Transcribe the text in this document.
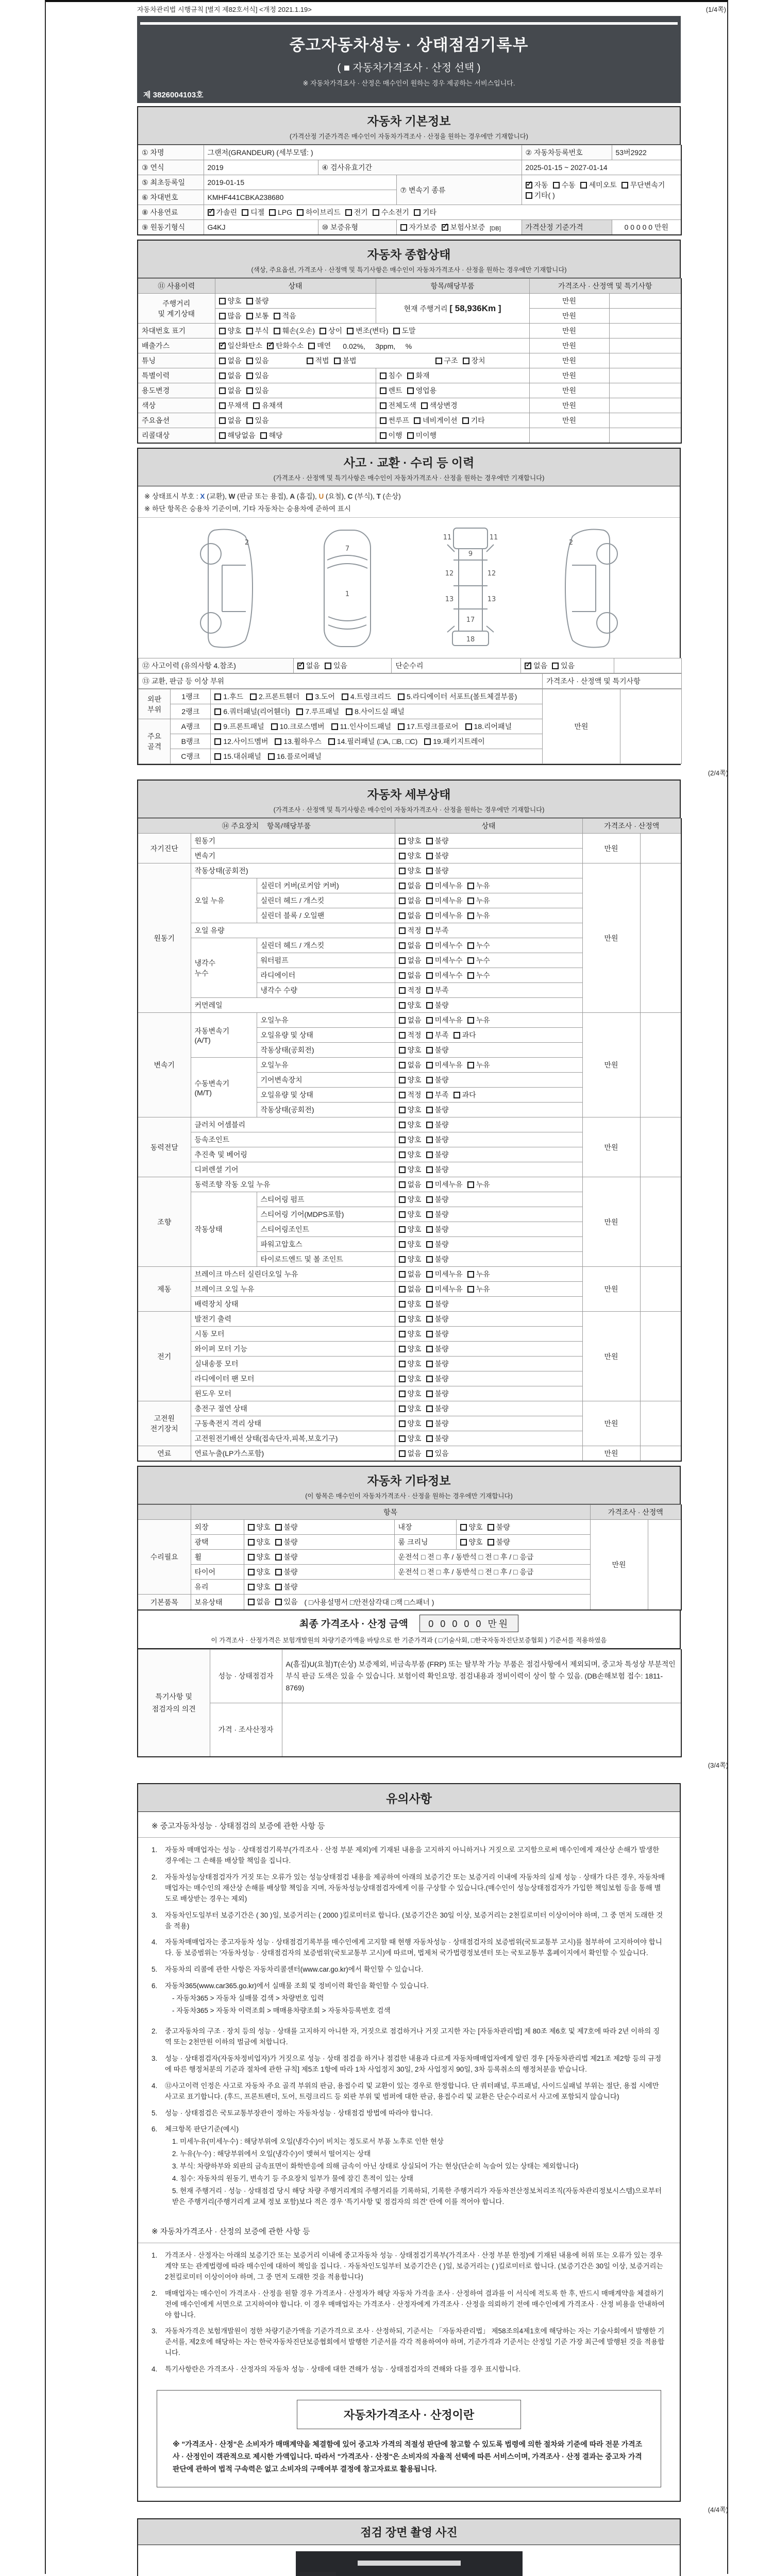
자동차관리법 시행규칙 [별지 제82호서식] <개정 2021.1.19>	(1/4쪽)
중고자동차성능 · 상태점검기록부
( ■ 자동차가격조사 · 산정 선택 )
※ 자동차가격조사 · 산정은 매수인이 원하는 경우 제공하는 서비스입니다.
제 3826004103호
자동차 기본정보
(가격산정 기준가격은 매수인이 자동차가격조사 · 산정을 원하는 경우에만 기재합니다)
① 차명	그랜저(GRANDEUR) (세부모델: )			② 자동차등록번호	53버2922
③ 연식	2019	④ 검사유효기간		2025-01-15 ~ 2027-01-14	
⑤ 최초등록일	2019-01-15		⑦ 변속기 종류	✓자동 수동 세미오토 무단변속기기타( )
⑥ 차대번호	KMHF441CBKA238680				
⑧ 사용연료	✓가솔린 디젤 LPG 하이브리드 전기 수소전기 기타
⑨ 원동기형식	G4KJ	⑩ 보증유형	자가보증 ✓ 보험사보증 [DB]	가격산정 기준가격	0 0 0 0 0 만원
자동차 종합상태
(색상, 주요옵션, 가격조사 · 산정액 및 특기사항은 매수인이 자동차가격조사 · 산정을 원하는 경우에만 기재합니다)
⑪ 사용이력	상태	항목/해당부품	가격조사 · 산정액 및 특기사항	
주행거리
및 계기상태	양호 불량	현재 주행거리 [ 58,936Km ]	만원	
	많음 보통 적음		만원	
차대번호 표기	양호 부식 훼손(오손) 상이 변조(변타) 도말		만원	
배출가스	✓일산화탄소 ✓ 탄화수소 매연 0.02%,     3ppm,     %		만원	
튜닝	없음 있음 적법 불법 구조 장치		만원	
특별이력	없음 있음	침수 화재	만원	
용도변경	없음 있음	렌트 영업용	만원	
색상	무채색 유채색	전체도색 색상변경	만원	
주요옵션	없음 있음	썬루프 네비게이션 기타	만원	
리콜대상	해당없음 해당	이행 미이행		
사고 · 교환 · 수리 등 이력
(가격조사 · 산정액 및 특기사항은 매수인이 자동차가격조사 · 산정을 원하는 경우에만 기재합니다)
※ 상태표시 부호 : X (교환), W (판금 또는 용접), A (흠집), U (요철), C (부식), T (손상)
※ 하단 항목은 승용차 기준이며, 기타 자동차는 승용차에 준하여 표시
2
1
7
11	11
9
12	12
13	13
17
18
2
⑫ 사고이력 (유의사항 4.참조)	✓없음 있음	단순수리	✓없음 있음	
⑬ 교환, 판금 등 이상 부위	가격조사 · 산정액 및 특기사항
외판
부위	1랭크	1.후드 2.프론트휀더 3.도어 4.트렁크리드 5.라디에이터 서포트(볼트체결부품)	만원	
	2랭크	6.쿼터패널(리어휀더) 7.루프패널 8.사이드실 패널		
주요
골격	A랭크	9.프론트패널 10.크로스멤버 11.인사이드패널 17.트렁크플로어 18.리어패널		
	B랭크	12.사이드멤버 13.휠하우스 14.필러패널 (□A, □B, □C) 19.패키지트레이		
	C랭크	15.대쉬패널 16.플로어패널		
(2/4쪽)
자동차 세부상태
(가격조사 · 산정액 및 특기사항은 매수인이 자동차가격조사 · 산정을 원하는 경우에만 기재합니다)
⑭ 주요장치    항목/해당부품			상태	가격조사 · 산정액	
자기진단	원동기		양호 불량	만원	
	변속기		양호 불량		
원동기	작동상태(공회전)		양호 불량	만원	
	오일 누유	실린더 커버(로커암 커버)	없음 미세누유 누유		
		실린더 헤드 / 개스킷	없음 미세누유 누유		
		실린더 블록 / 오일팬	없음 미세누유 누유		
	오일 유량		적정 부족		
	냉각수
누수	실린더 헤드 / 개스킷	없음 미세누수 누수		
		워터펌프	없음 미세누수 누수		
		라디에이터	없음 미세누수 누수		
		냉각수 수량	적정 부족		
	커먼레일		양호 불량		
변속기	자동변속기
(A/T)	오일누유	없음 미세누유 누유	만원	
		오일유량 및 상태	적정 부족 과다		
		작동상태(공회전)	양호 불량		
	수동변속기
(M/T)	오일누유	없음 미세누유 누유		
		기어변속장치	양호 불량		
		오일유량 및 상태	적정 부족 과다		
		작동상태(공회전)	양호 불량		
동력전달	클러치 어셈블리		양호 불량	만원	
	등속조인트		양호 불량		
	추진축 및 베어링		양호 불량		
	디퍼렌셜 기어		양호 불량		
조향	동력조향 작동 오일 누유		없음 미세누유 누유	만원	
	작동상태	스티어링 펌프	양호 불량		
		스티어링 기어(MDPS포함)	양호 불량		
		스티어링조인트	양호 불량		
		파워고압호스	양호 불량		
		타이로드엔드 및 볼 조인트	양호 불량		
제동	브레이크 마스터 실린더오일 누유		없음 미세누유 누유	만원	
	브레이크 오일 누유		없음 미세누유 누유		
	배력장치 상태		양호 불량		
전기	발전기 출력		양호 불량	만원	
	시동 모터		양호 불량		
	와이퍼 모터 기능		양호 불량		
	실내송풍 모터		양호 불량		
	라디에이터 팬 모터		양호 불량		
	윈도우 모터		양호 불량		
고전원
전기장치	충전구 절연 상태		양호 불량	만원	
	구동축전지 격리 상태		양호 불량		
	고전원전기배선 상태(접속단자,피복,보호기구)		양호 불량		
연료	연료누출(LP가스포함)		없음 있음	만원	
자동차 기타정보
(이 항목은 매수인이 자동차가격조사 · 산정을 원하는 경우에만 기재합니다)
	항목				가격조사 · 산정액	
수리필요	외장	양호 불량	내장	양호 불량	만원	
	광택	양호 불량	룸 크리닝	양호 불량		
	휠	양호 불량	운전석 □ 전 □ 후 / 동반석 □ 전 □ 후 / □ 응급			
	타이어	양호 불량	운전석 □ 전 □ 후 / 동반석 □ 전 □ 후 / □ 응급			
	유리	양호 불량				
기본품목	보유상태	없음 있음 ( □사용설명서 □안전삼각대 □잭 □스패너 )				
최종 가격조사 · 산정 금액 0 0 0 0 0 만원
이 가격조사 · 산정가격은 보험개발원의 차량기준가액을 바탕으로 한 기준가격과 ( □기술사회, □한국자동차진단보증협회 ) 기준서를 적용하였음
특기사항 및
점검자의 의견	성능 · 상태점검자	A(흠집)U(요철)T(손상) 보증제외, 비금속부품 (FRP) 또는 탈부착 가능 부품은 점검사항에서 제외되며, 중고차 특성상 부분적인 부식 판금 도색은 있을 수 있습니다. 보험이력 확인요망. 점검내용과 정비이력이 상이 할 수 있음. (DB손해보험 접수: 1811-8769)
	가격 · 조사산정자	
(3/4쪽)
유의사항
※ 중고자동차성능 · 상태점검의 보증에 관한 사항 등
1.	자동차 매매업자는 성능 · 상태점검기록부(가격조사 · 산정 부분 제외)에 기재된 내용을 고지하지 아니하거나 거짓으로 고지함으로써 매수인에게 재산상 손해가 발생한 경우에는 그 손해를 배상할 책임을 집니다.
2.	자동차성능상태점검자가 거짓 또는 오류가 있는 성능상태점검 내용을 제공하여 아래의 보증기간 또는 보증거리 이내에 자동차의 실제 성능 · 상태가 다른 경우, 자동차매매업자는 매수인의 재산상 손해를 배상할 책임을 지며, 자동차성능상태점검자에게 이를 구상할 수 있습니다.(매수인이 성능상태점검자가 가입한 책임보험 등을 통해 별도로 배상받는 경우는 제외)
3.	자동차인도일부터 보증기간은 ( 30 )일, 보증거리는 ( 2000 )킬로미터로 합니다. (보증기간은 30일 이상, 보증거리는 2천킬로미터 이상이어야 하며, 그 중 먼저 도래한 것을 적용)
4.	자동차매매업자는 중고자동차 성능 · 상태점검기록부를 매수인에게 고지할 때 현행 자동차성능 · 상태점검자의 보증범위(국토교통부 고시)를 첨부하여 고지하여야 합니다. 동 보증범위는 '자동차성능 · 상태점검자의 보증범위'(국토교통부 고시)에 따르며, 법제처 국가법령정보센터 또는 국토교통부 홈페이지에서 확인할 수 있습니다.
5.	자동차의 리콜에 관한 사항은 자동차리콜센터(www.car.go.kr)에서 확인할 수 있습니다.
6.	자동차365(www.car365.go.kr)에서 실매물 조회 및 정비이력 확인을 확인할 수 있습니다.
- 자동차365 > 자동차 실매물 검색 > 차량번호 입력
- 자동차365 > 자동차 이력조회 > 매매용차량조회 > 자동차등록번호 검색
2.	중고자동차의 구조 · 장치 등의 성능 · 상태를 고지하지 아니한 자, 거짓으로 점검하거나 거짓 고지한 자는 [자동차관리법] 제 80조 제6호 및 제7호에 따라 2년 이하의 징역 또는 2천만원 이하의 벌금에 처합니다.
3.	성능 · 상태점검자(자동차정비업자)가 거짓으로 성능 · 상태 점검을 하거나 점검한 내용과 다르게 자동차매매업자에게 알린 경우 [자동차관리법 제21조 제2항 등의 규정에 따른 행정처분의 기준과 절차에 관한 규칙] 제5조 1항에 따라 1차 사업정지 30일, 2차 사업정지 90일, 3차 등록취소의 행정처분을 받습니다.
4.	⑫사고이력 인정은 사고로 자동차 주요 골격 부위의 판금, 용접수리 및 교환이 있는 경우로 한정합니다. 단 쿼터패널, 루프패널, 사이드실패널 부위는 절단, 용접 시에만 사고로 표기합니다. (후드, 프론트펜더, 도어, 트렁크리드 등 외판 부위 및 범퍼에 대한 판금, 용접수리 및 교환은 단순수리로서 사고에 포함되지 않습니다)
5.	성능 · 상태점검은 국토교통부장관이 정하는 자동차성능 · 상태점검 방법에 따라야 합니다.
6.	체크항목 판단기준(예시)
1. 미세누유(미세누수) : 해당부위에 오일(냉각수)이 비치는 정도로서 부품 노후로 인한 현상
2. 누유(누수) : 해당부위에서 오일(냉각수)이 맺혀서 떨어지는 상태
3. 부식: 차량하부와 외판의 금속표면이 화학반응에 의해 금속이 아닌 상태로 상실되어 가는 현상(단순히 녹슬어 있는 상태는 제외합니다)
4. 침수: 자동차의 원동기, 변속기 등 주요장치 일부가 물에 잠긴 흔적이 있는 상태
5. 현재 주행거리 · 성능 · 상태점검 당시 해당 차량 주행거리계의 주행거리를 기록하되, 기록한 주행거리가 자동차전산정보처리조직(자동차관리정보시스템)으로부터 받은 주행거리(주행거리계 교체 정보 포함)보다 적은 경우 '특기사항 및 점검자의 의견' 란에 이를 적어야 합니다.
※ 자동차가격조사 · 산정의 보증에 관한 사항 등
1.	가격조사 · 산정자는 아래의 보증기간 또는 보증거리 이내에 중고자동차 성능 · 상태점검기록부(가격조사 · 산정 부분 한정)에 기재된 내용에 허위 또는 오류가 있는 경우 계약 또는 관계법령에 따라 매수인에 대하여 책임을 집니다. · 자동차인도일부터 보증기간은 ( )일, 보증거리는 ( )킬로미터로 합니다. (보증기간은 30일 이상, 보증거리는 2천킬로미터 이상이어야 하며, 그 중 먼저 도래한 것을 적용합니다)
2.	매매업자는 매수인이 가격조사 · 산정을 원할 경우 가격조사 · 산정자가 해당 자동차 가격을 조사 · 산정하여 결과를 이 서식에 적도록 한 후, 반드시 매매계약을 체결하기 전에 매수인에게 서면으로 고지하여야 합니다. 이 경우 매매업자는 가격조사 · 산정자에게 가격조사 · 산정을 의뢰하기 전에 매수인에게 가격조사 · 산정 비용을 안내하여야 합니다.
3.	자동차가격은 보험개발원이 정한 차량기준가액을 기준가격으로 조사 · 산정하되, 기준서는 「자동차관리법」 제58조의4제1호에 해당하는 자는 기술사회에서 발행한 기준서를, 제2호에 해당하는 자는 한국자동차진단보증협회에서 발행한 기준서를 각각 적용하여야 하며, 기준가격과 기준서는 산정일 기준 가장 최근에 발행된 것을 적용합니다.
4.	특기사항란은 가격조사 · 산정자의 자동차 성능 · 상태에 대한 견해가 성능 · 상태점검자의 견해와 다를 경우 표시합니다.
자동차가격조사 · 산정이란
※ "가격조사 · 산정"은 소비자가 매매계약을 체결함에 있어 중고차 가격의 적절성 판단에 참고할 수 있도록 법령에 의한 절차와 기준에 따라 전문 가격조사 · 산정인이 객관적으로 제시한 가액입니다. 따라서 "가격조사 · 산정"은 소비자의 자율적 선택에 따른 서비스이며, 가격조사 · 산정 결과는 중고차 가격판단에 관하여 법적 구속력은 없고 소비자의 구매여부 결정에 참고자료로 활용됩니다.
(4/4쪽)
점검 장면 촬영 사진
